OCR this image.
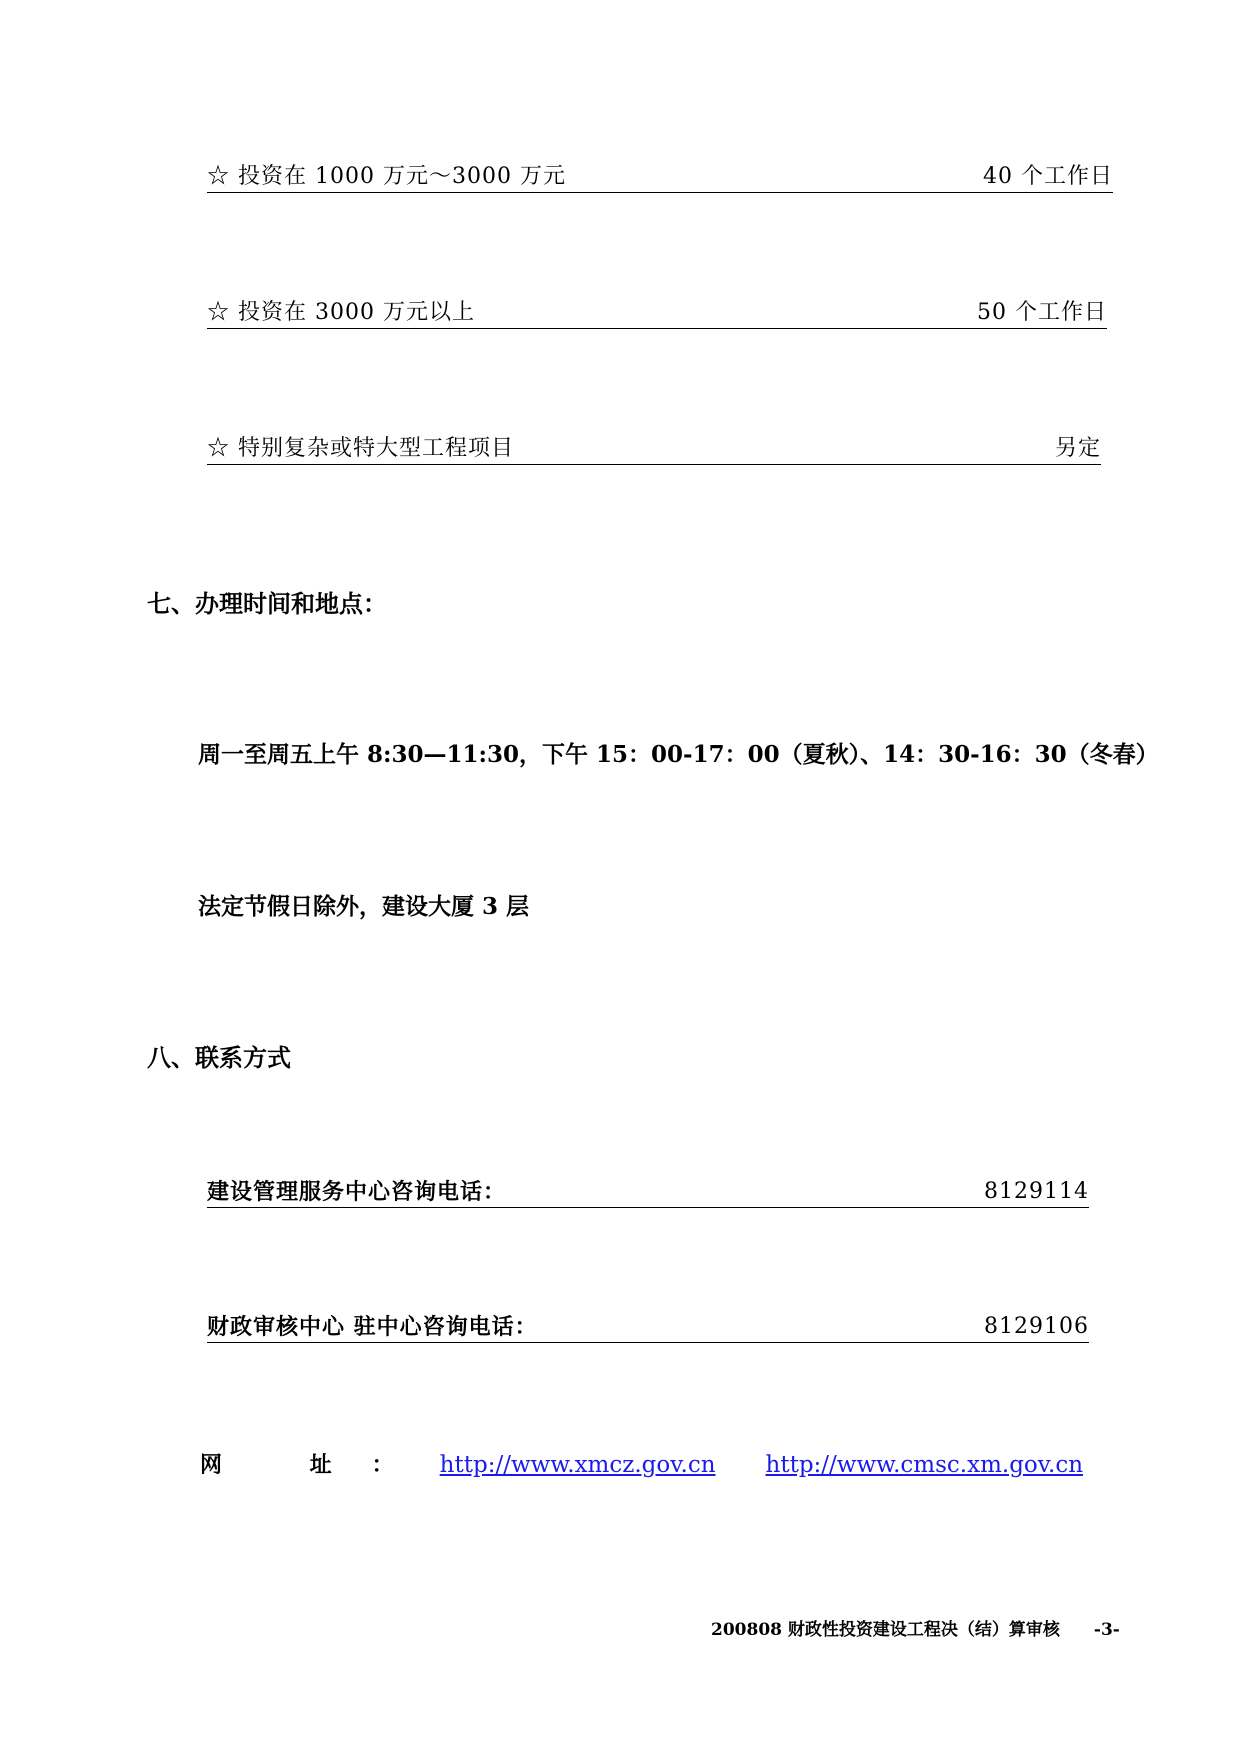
☆ 投资在 1000 万元～3000 万元	40 个工作日
☆ 投资在 3000 万元以上	50 个工作日
☆ 特别复杂或特大型工程项目	另定
七、办理时间和地点：
周一至周五上午 8:30—11:30，下午 15：00-17：00（夏秋）、14：30-16：30（冬春）
法定节假日除外，建设大厦 3 层
八、联系方式
建设管理服务中心咨询电话：	8129114
财政审核中心 驻中心咨询电话：	8129106
网 址： http://www.xmcz.gov.cn http://www.cmsc.xm.gov.cn
200808 财政性投资建设工程决（结）算审核 -3-
